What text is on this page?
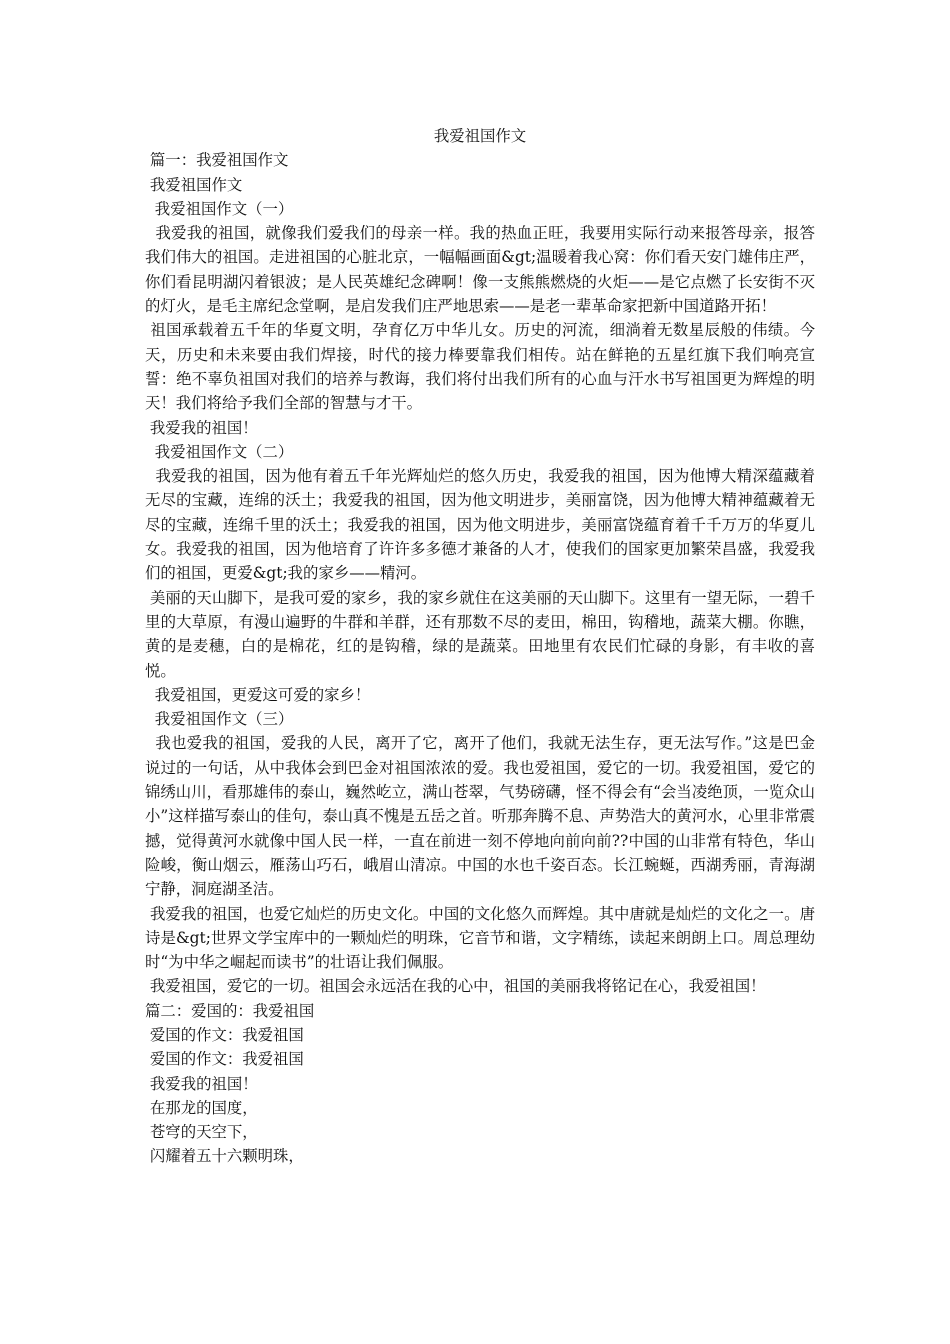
我爱祖国作文

篇一：我爱祖国作文

我爱祖国作文

我爱祖国作文（一）

我爱我的祖国，就像我们爱我们的母亲一样。我的热血正旺，我要用实际行动来报答母亲，报答我们伟大的祖国。走进祖国的心脏北京，一幅幅画面&gt;温暖着我心窝：你们看天安门雄伟庄严，你们看昆明湖闪着银波；是人民英雄纪念碑啊！像一支熊熊燃烧的火炬——是它点燃了长安街不灭的灯火，是毛主席纪念堂啊，是启发我们庄严地思索——是老一辈革命家把新中国道路开拓！

祖国承载着五千年的华夏文明，孕育亿万中华儿女。历史的河流，细淌着无数星辰般的伟绩。今天，历史和未来要由我们焊接，时代的接力棒要靠我们相传。站在鲜艳的五星红旗下我们响亮宣誓：绝不辜负祖国对我们的培养与教诲，我们将付出我们所有的心血与汗水书写祖国更为辉煌的明天！我们将给予我们全部的智慧与才干。

我爱我的祖国！

我爱祖国作文（二）

我爱我的祖国，因为他有着五千年光辉灿烂的悠久历史，我爱我的祖国，因为他博大精深蕴藏着无尽的宝藏，连绵的沃土；我爱我的祖国，因为他文明进步，美丽富饶，因为他博大精神蕴藏着无尽的宝藏，连绵千里的沃土；我爱我的祖国，因为他文明进步，美丽富饶蕴育着千千万万的华夏儿女。我爱我的祖国，因为他培育了许许多多德才兼备的人才，使我们的国家更加繁荣昌盛，我爱我们的祖国，更爱&gt;我的家乡——精河。

美丽的天山脚下，是我可爱的家乡，我的家乡就住在这美丽的天山脚下。这里有一望无际，一碧千里的大草原，有漫山遍野的牛群和羊群，还有那数不尽的麦田，棉田，钩稽地，蔬菜大棚。你瞧，黄的是麦穗，白的是棉花，红的是钩稽，绿的是蔬菜。田地里有农民们忙碌的身影，有丰收的喜悦。

我爱祖国，更爱这可爱的家乡！

我爱祖国作文（三）

我也爱我的祖国，爱我的人民，离开了它，离开了他们，我就无法生存，更无法写作。”这是巴金说过的一句话，从中我体会到巴金对祖国浓浓的爱。我也爱祖国，爱它的一切。我爱祖国，爱它的锦绣山川，看那雄伟的泰山，巍然屹立，满山苍翠，气势磅礴，怪不得会有“会当凌绝顶，一览众山小”这样描写泰山的佳句，泰山真不愧是五岳之首。听那奔腾不息、声势浩大的黄河水，心里非常震撼，觉得黄河水就像中国人民一样，一直在前进一刻不停地向前向前??中国的山非常有特色，华山险峻，衡山烟云，雁荡山巧石，峨眉山清凉。中国的水也千姿百态。长江蜿蜒，西湖秀丽，青海湖宁静，洞庭湖圣洁。

我爱我的祖国，也爱它灿烂的历史文化。中国的文化悠久而辉煌。其中唐就是灿烂的文化之一。唐诗是&gt;世界文学宝库中的一颗灿烂的明珠，它音节和谐，文字精练，读起来朗朗上口。周总理幼时“为中华之崛起而读书”的壮语让我们佩服。

我爱祖国，爱它的一切。祖国会永远活在我的心中，祖国的美丽我将铭记在心，我爱祖国！

篇二：爱国的：我爱祖国

爱国的作文：我爱祖国

爱国的作文：我爱祖国

我爱我的祖国！

在那龙的国度，

苍穹的天空下，

闪耀着五十六颗明珠，
